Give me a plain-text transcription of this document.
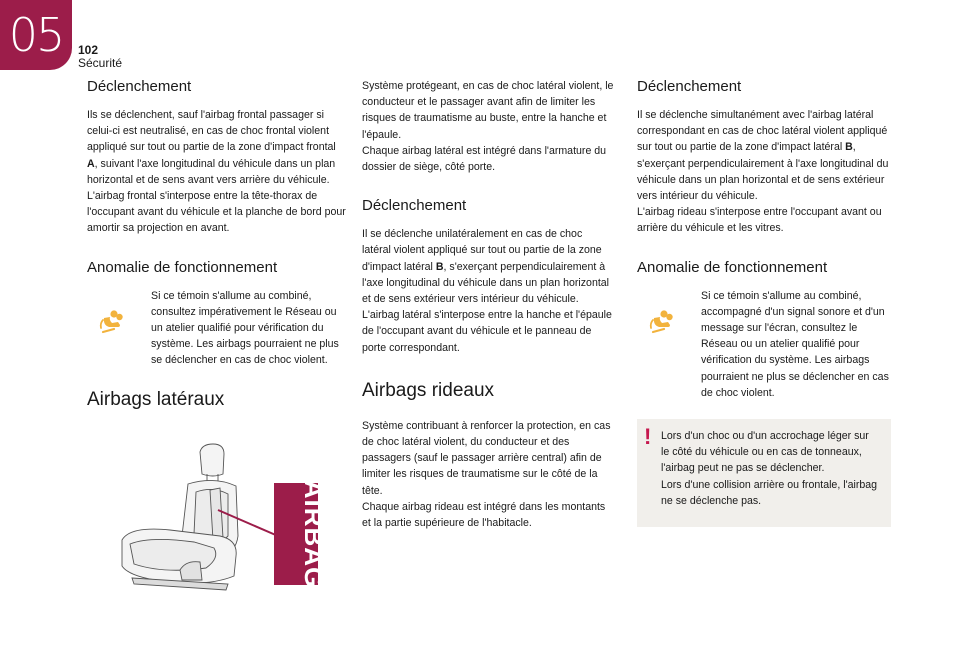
05	102
Sécurité
Déclenchement

Ils se déclenchent, sauf l'airbag frontal passager si celui-ci est neutralisé, en cas de choc frontal violent appliqué sur tout ou partie de la zone d'impact frontal A, suivant l'axe longitudinal du véhicule dans un plan horizontal et de sens avant vers arrière du véhicule.
L'airbag frontal s'interpose entre la tête-thorax de l'occupant avant du véhicule et la planche de bord pour amortir sa projection en avant.

Anomalie de fonctionnement

Si ce témoin s'allume au combiné, consultez impérativement le Réseau ou un atelier qualifié pour vérification du système. Les airbags pourraient ne plus se déclencher en cas de choc violent.

Airbags latéraux
AIRBAG

Système protégeant, en cas de choc latéral violent, le conducteur et le passager avant afin de limiter les risques de traumatisme au buste, entre la hanche et l'épaule.
Chaque airbag latéral est intégré dans l'armature du dossier de siège, côté porte.

Déclenchement

Il se déclenche unilatéralement en cas de choc latéral violent appliqué sur tout ou partie de la zone d'impact latéral B, s'exerçant perpendiculairement à l'axe longitudinal du véhicule dans un plan horizontal et de sens extérieur vers intérieur du véhicule.
L'airbag latéral s'interpose entre la hanche et l'épaule de l'occupant avant du véhicule et le panneau de porte correspondant.

Airbags rideaux

Système contribuant à renforcer la protection, en cas de choc latéral violent, du conducteur et des passagers (sauf le passager arrière central) afin de limiter les risques de traumatisme sur le côté de la tête.
Chaque airbag rideau est intégré dans les montants et la partie supérieure de l'habitacle.

Déclenchement

Il se déclenche simultanément avec l'airbag latéral correspondant en cas de choc latéral violent appliqué sur tout ou partie de la zone d'impact latéral B, s'exerçant perpendiculairement à l'axe longitudinal du véhicule dans un plan horizontal et de sens extérieur vers intérieur du véhicule.
L'airbag rideau s'interpose entre l'occupant avant ou arrière du véhicule et les vitres.

Anomalie de fonctionnement

Si ce témoin s'allume au combiné, accompagné d'un signal sonore et d'un message sur l'écran, consultez le Réseau ou un atelier qualifié pour vérification du système. Les airbags pourraient ne plus se déclencher en cas de choc violent.

! Lors d'un choc ou d'un accrochage léger sur le côté du véhicule ou en cas de tonneaux, l'airbag peut ne pas se déclencher.
Lors d'une collision arrière ou frontale, l'airbag ne se déclenche pas.
